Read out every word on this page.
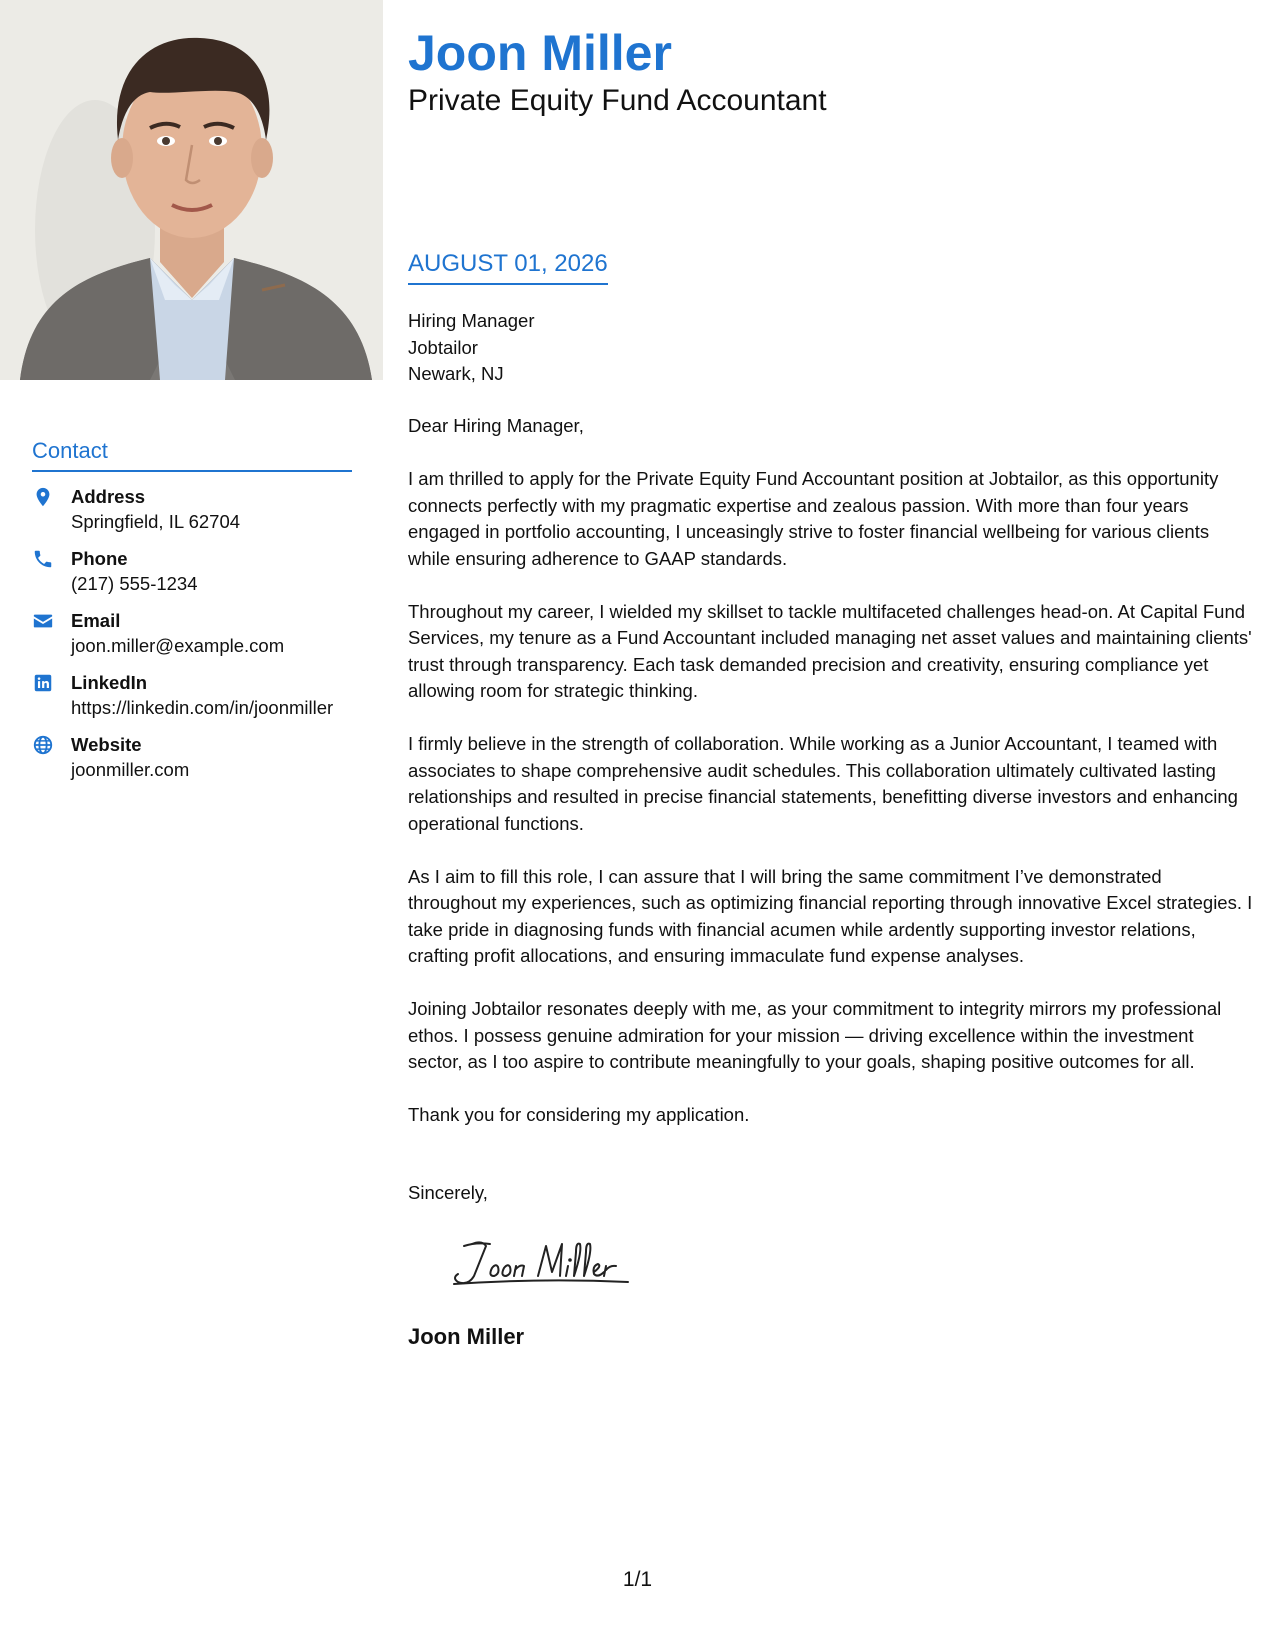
Contact
Address
Springfield, IL 62704
Phone
(217) 555-1234
Email
joon.miller@example.com
LinkedIn
https://linkedin.com/in/joonmiller
Website
joonmiller.com
Joon Miller
Private Equity Fund Accountant
AUGUST 01, 2026
Hiring Manager
Jobtailor
Newark, NJ

Dear Hiring Manager,

I am thrilled to apply for the Private Equity Fund Accountant position at Jobtailor, as this opportunity connects perfectly with my pragmatic expertise and zealous passion. With more than four years engaged in portfolio accounting, I unceasingly strive to foster financial wellbeing for various clients while ensuring adherence to GAAP standards.

Throughout my career, I wielded my skillset to tackle multifaceted challenges head-on. At Capital Fund Services, my tenure as a Fund Accountant included managing net asset values and maintaining clients' trust through transparency. Each task demanded precision and creativity, ensuring compliance yet allowing room for strategic thinking.

I firmly believe in the strength of collaboration. While working as a Junior Accountant, I teamed with associates to shape comprehensive audit schedules. This collaboration ultimately cultivated lasting relationships and resulted in precise financial statements, benefitting diverse investors and enhancing operational functions.

As I aim to fill this role, I can assure that I will bring the same commitment I’ve demonstrated throughout my experiences, such as optimizing financial reporting through innovative Excel strategies. I take pride in diagnosing funds with financial acumen while ardently supporting investor relations, crafting profit allocations, and ensuring immaculate fund expense analyses.

Joining Jobtailor resonates deeply with me, as your commitment to integrity mirrors my professional ethos. I possess genuine admiration for your mission — driving excellence within the investment sector, as I too aspire to contribute meaningfully to your goals, shaping positive outcomes for all.

Thank you for considering my application.

Sincerely,
Joon Miller
1/1
